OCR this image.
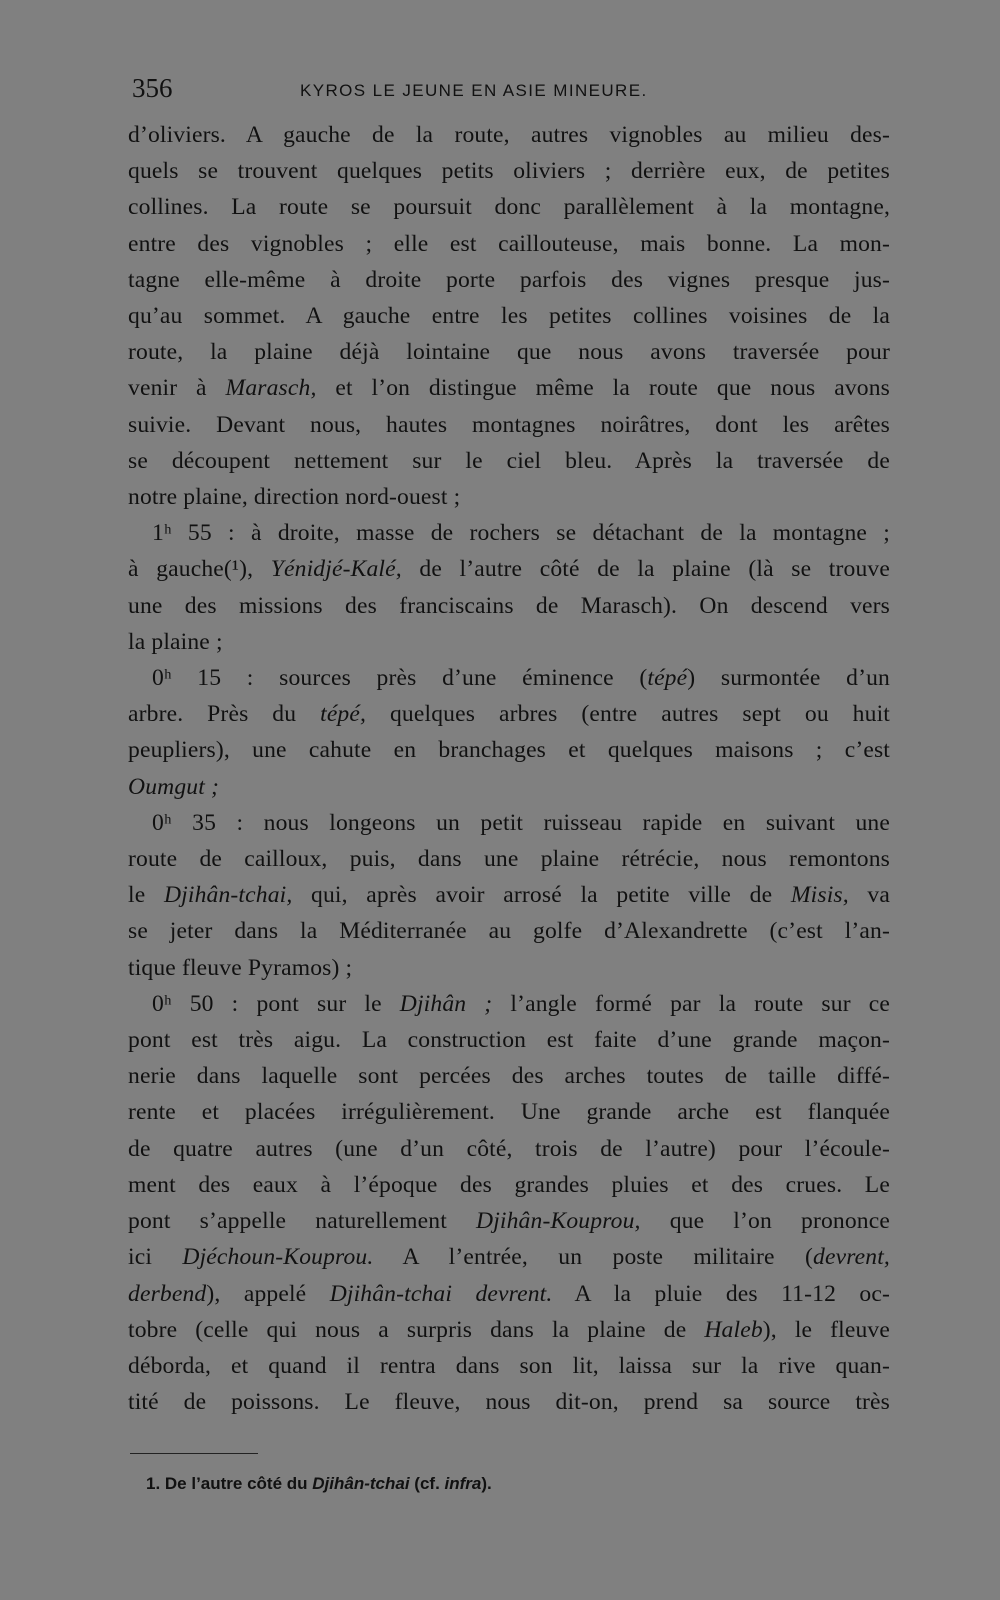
356	KYROS LE JEUNE EN ASIE MINEURE.
d’oliviers. A gauche de la route, autres vignobles au milieu des-
quels se trouvent quelques petits oliviers ; derrière eux, de petites
collines. La route se poursuit donc parallèlement à la montagne,
entre des vignobles ; elle est caillouteuse, mais bonne. La mon-
tagne elle-même à droite porte parfois des vignes presque jus-
qu’au sommet. A gauche entre les petites collines voisines de la
route, la plaine déjà lointaine que nous avons traversée pour
venir à Marasch, et l’on distingue même la route que nous avons
suivie. Devant nous, hautes montagnes noirâtres, dont les arêtes
se découpent nettement sur le ciel bleu. Après la traversée de
notre plaine, direction nord-ouest ;
1ʰ 55 : à droite, masse de rochers se détachant de la montagne ;
à gauche(¹), Yénidjé-Kalé, de l’autre côté de la plaine (là se trouve
une des missions des franciscains de Marasch). On descend vers
la plaine ;
0ʰ 15 : sources près d’une éminence (tépé) surmontée d’un
arbre. Près du tépé, quelques arbres (entre autres sept ou huit
peupliers), une cahute en branchages et quelques maisons ; c’est
Oumgut ;
0ʰ 35 : nous longeons un petit ruisseau rapide en suivant une
route de cailloux, puis, dans une plaine rétrécie, nous remontons
le Djihân-tchai, qui, après avoir arrosé la petite ville de Misis, va
se jeter dans la Méditerranée au golfe d’Alexandrette (c’est l’an-
tique fleuve Pyramos) ;
0ʰ 50 : pont sur le Djihân ; l’angle formé par la route sur ce
pont est très aigu. La construction est faite d’une grande maçon-
nerie dans laquelle sont percées des arches toutes de taille diffé-
rente et placées irrégulièrement. Une grande arche est flanquée
de quatre autres (une d’un côté, trois de l’autre) pour l’écoule-
ment des eaux à l’époque des grandes pluies et des crues. Le
pont s’appelle naturellement Djihân-Kouprou, que l’on prononce
ici Djéchoun-Kouprou. A l’entrée, un poste militaire (devrent,
derbend), appelé Djihân-tchai devrent. A la pluie des 11-12 oc-
tobre (celle qui nous a surpris dans la plaine de Haleb), le fleuve
déborda, et quand il rentra dans son lit, laissa sur la rive quan-
tité de poissons. Le fleuve, nous dit-on, prend sa source très
1. De l’autre côté du Djihân-tchai (cf. infra).
